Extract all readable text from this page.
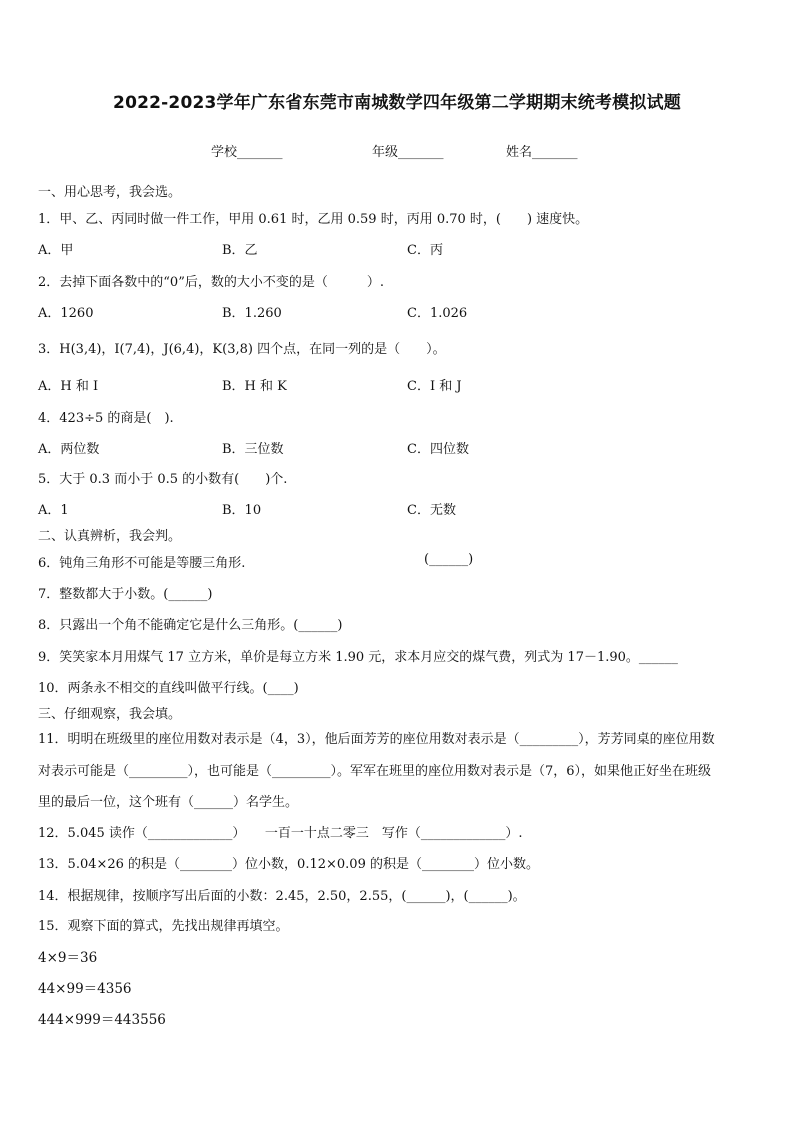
2022-2023学年广东省东莞市南城数学四年级第二学期期末统考模拟试题
学校_______	年级_______	姓名_______
一、用心思考，我会选。
1．甲、乙、丙同时做一件工作，甲用 0.61 时，乙用 0.59 时，丙用 0.70 时，(　　) 速度快。
A．甲	B．乙	C．丙
2．去掉下面各数中的“0”后，数的大小不变的是（　　　）.
A．1260	B．1.260	C．1.026
3．H(3,4)，I(7,4)，J(6,4)，K(3,8) 四个点，在同一列的是（　　）。
A．H 和 I	B．H 和 K	C．I 和 J
4．423÷5 的商是(　).
A．两位数	B．三位数	C．四位数
5．大于 0.3 而小于 0.5 的小数有(　　)个.
A．1	B．10	C．无数
二、认真辨析，我会判。
6．钝角三角形不可能是等腰三角形.	(______)
7．整数都大于小数。(______)
8．只露出一个角不能确定它是什么三角形。(______)
9．笑笑家本月用煤气 17 立方米，单价是每立方米 1.90 元，求本月应交的煤气费，列式为 17－1.90。______
10．两条永不相交的直线叫做平行线。(____)
三、仔细观察，我会填。
11．明明在班级里的座位用数对表示是（4，3），他后面芳芳的座位用数对表示是（_________），芳芳同桌的座位用数
对表示可能是（_________），也可能是（_________）。军军在班里的座位用数对表示是（7，6），如果他正好坐在班级
里的最后一位，这个班有（______）名学生。
12．5.045 读作（_____________）　　一百一十点二零三　写作（_____________）.
13．5.04×26 的积是（________）位小数，0.12×0.09 的积是（________）位小数。
14．根据规律，按顺序写出后面的小数：2.45，2.50，2.55，(______)，(______)。
15．观察下面的算式，先找出规律再填空。
4×9＝36
44×99＝4356
444×999＝443556
